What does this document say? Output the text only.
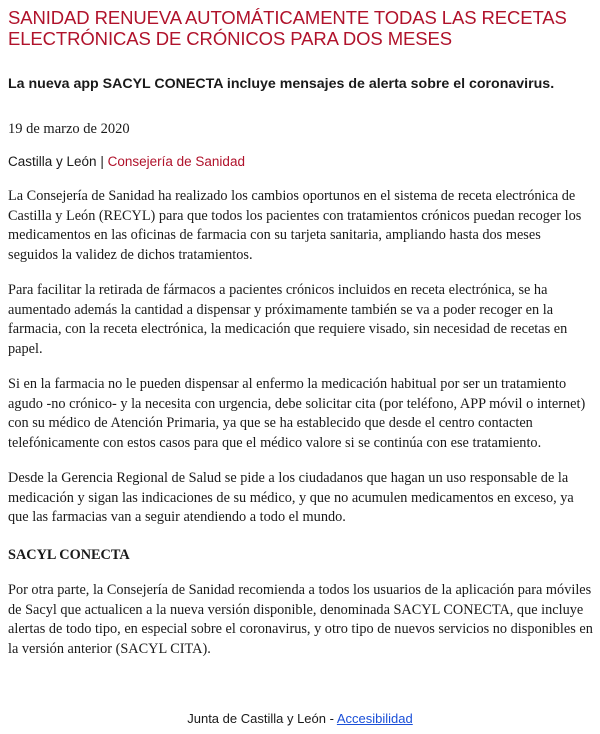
SANIDAD RENUEVA AUTOMÁTICAMENTE TODAS LAS RECETAS ELECTRÓNICAS DE CRÓNICOS PARA DOS MESES

La nueva app SACYL CONECTA incluye mensajes de alerta sobre el coronavirus.

19 de marzo de 2020

Castilla y León | Consejería de Sanidad

La Consejería de Sanidad ha realizado los cambios oportunos en el sistema de receta electrónica de Castilla y León (RECYL) para que todos los pacientes con tratamientos crónicos puedan recoger los medicamentos en las oficinas de farmacia con su tarjeta sanitaria, ampliando hasta dos meses seguidos la validez de dichos tratamientos.

Para facilitar la retirada de fármacos a pacientes crónicos incluidos en receta electrónica, se ha aumentado además la cantidad a dispensar y próximamente también se va a poder recoger en la farmacia, con la receta electrónica, la medicación que requiere visado, sin necesidad de recetas en papel.

Si en la farmacia no le pueden dispensar al enfermo la medicación habitual por ser un tratamiento agudo -no crónico- y la necesita con urgencia, debe solicitar cita (por teléfono, APP móvil o internet) con su médico de Atención Primaria, ya que se ha establecido que desde el centro contacten telefónicamente con estos casos para que el médico valore si se continúa con ese tratamiento.

Desde la Gerencia Regional de Salud se pide a los ciudadanos que hagan un uso responsable de la medicación y sigan las indicaciones de su médico, y que no acumulen medicamentos en exceso, ya que las farmacias van a seguir atendiendo a todo el mundo.

SACYL CONECTA

Por otra parte, la Consejería de Sanidad recomienda a todos los usuarios de la aplicación para móviles de Sacyl que actualicen a la nueva versión disponible, denominada SACYL CONECTA, que incluye alertas de todo tipo, en especial sobre el coronavirus, y otro tipo de nuevos servicios no disponibles en la versión anterior (SACYL CITA).

Junta de Castilla y León - Accesibilidad
